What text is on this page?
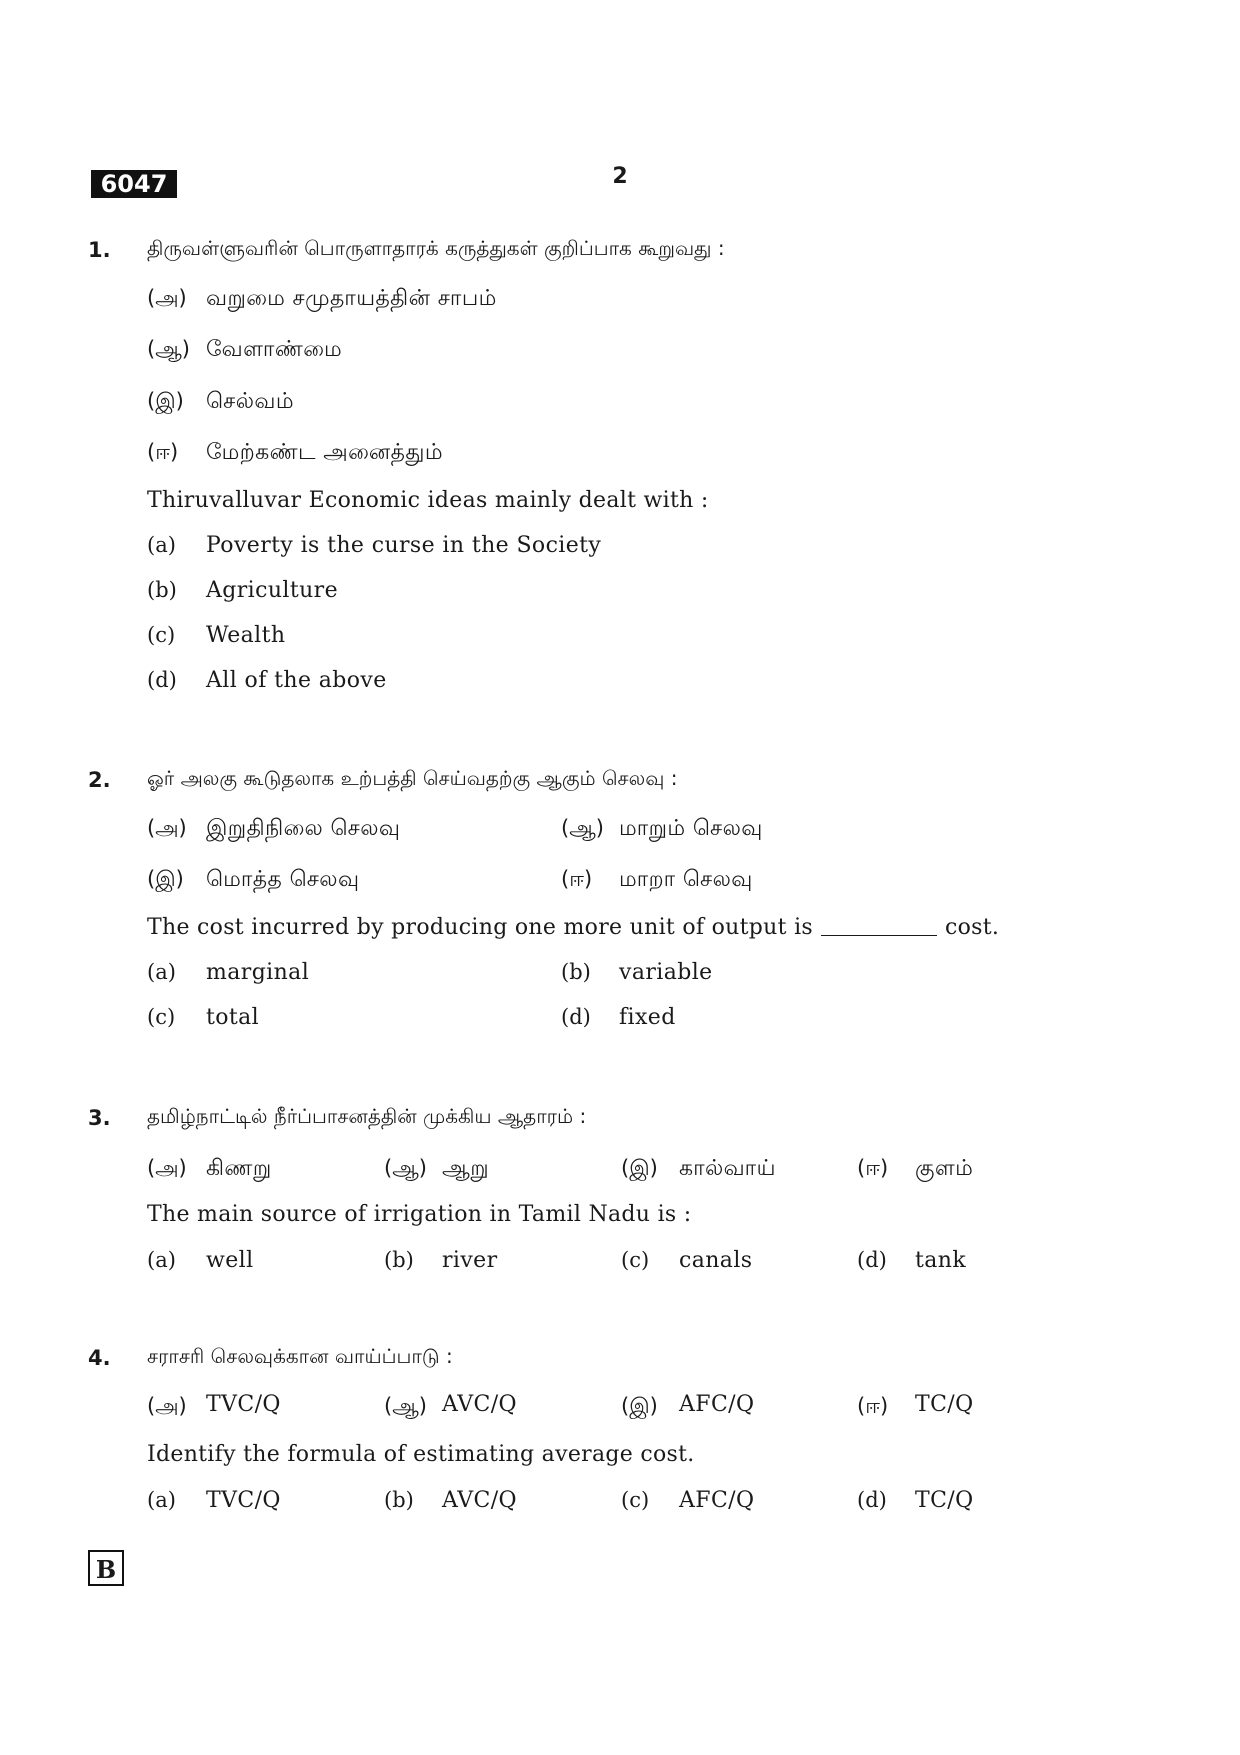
6047	2
1. திருவள்ளுவரின் பொருளாதாரக் கருத்துகள் குறிப்பாக கூறுவது :
(அ) வறுமை சமுதாயத்தின் சாபம்
(ஆ) வேளாண்மை
(இ) செல்வம்
(ஈ) மேற்கண்ட அனைத்தும்
Thiruvalluvar Economic ideas mainly dealt with :
(a) Poverty is the curse in the Society
(b) Agriculture
(c) Wealth
(d) All of the above
2. ஓர் அலகு கூடுதலாக உற்பத்தி செய்வதற்கு ஆகும் செலவு :
(அ) இறுதிநிலை செலவு	(ஆ) மாறும் செலவு
(இ) மொத்த செலவு	(ஈ) மாறா செலவு
The cost incurred by producing one more unit of output is	cost.
(a) marginal	(b) variable
(c) total	(d) fixed
3. தமிழ்நாட்டில் நீர்ப்பாசனத்தின் முக்கிய ஆதாரம் :
(அ) கிணறு	(ஆ) ஆறு	(இ) கால்வாய்	(ஈ) குளம்
The main source of irrigation in Tamil Nadu is :
(a) well	(b) river	(c) canals	(d) tank
4. சராசரி செலவுக்கான வாய்ப்பாடு :
(அ) TVC/Q	(ஆ) AVC/Q	(இ) AFC/Q	(ஈ) TC/Q
Identify the formula of estimating average cost.
(a) TVC/Q	(b) AVC/Q	(c) AFC/Q	(d) TC/Q
B
